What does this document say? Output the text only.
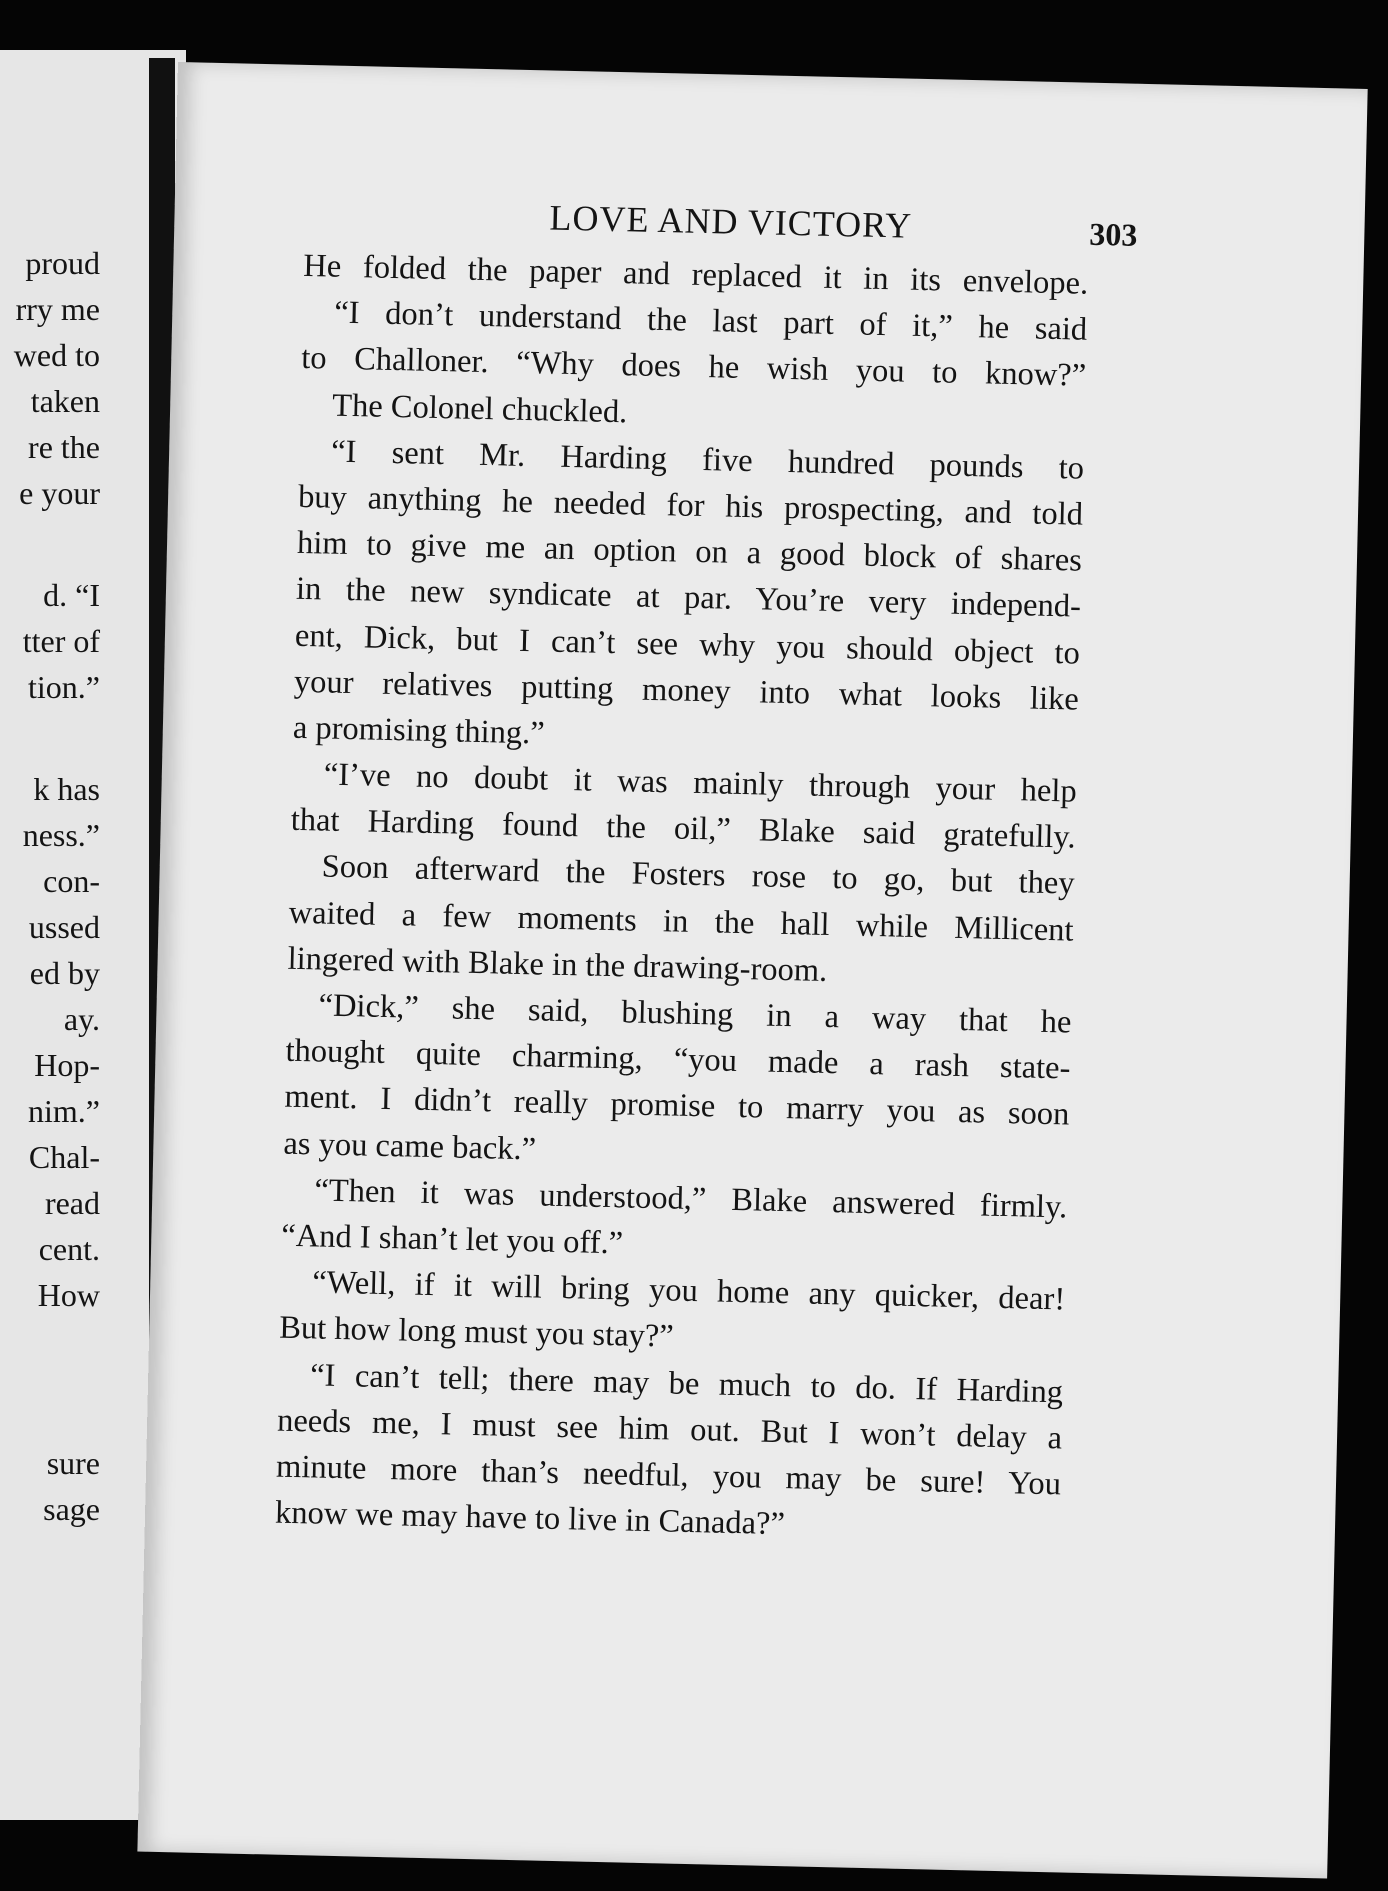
proud
rry me
wed to
taken
re the
e your
d. “I
tter of
tion.”
k has
ness.”
con-
ussed
ed by
ay.
Hop-
nim.”
Chal-
read
cent.
How
sure
sage
LOVE AND VICTORY	303
He folded the paper and replaced it in its envelope.
“I don’t understand the last part of it,” he said
to Challoner. “Why does he wish you to know?”
The Colonel chuckled.
“I sent Mr. Harding five hundred pounds to
buy anything he needed for his prospecting, and told
him to give me an option on a good block of shares
in the new syndicate at par. You’re very independ-
ent, Dick, but I can’t see why you should object to
your relatives putting money into what looks like
a promising thing.”
“I’ve no doubt it was mainly through your help
that Harding found the oil,” Blake said gratefully.
Soon afterward the Fosters rose to go, but they
waited a few moments in the hall while Millicent
lingered with Blake in the drawing-room.
“Dick,” she said, blushing in a way that he
thought quite charming, “you made a rash state-
ment. I didn’t really promise to marry you as soon
as you came back.”
“Then it was understood,” Blake answered firmly.
“And I shan’t let you off.”
“Well, if it will bring you home any quicker, dear!
But how long must you stay?”
“I can’t tell; there may be much to do. If Harding
needs me, I must see him out. But I won’t delay a
minute more than’s needful, you may be sure! You
know we may have to live in Canada?”
